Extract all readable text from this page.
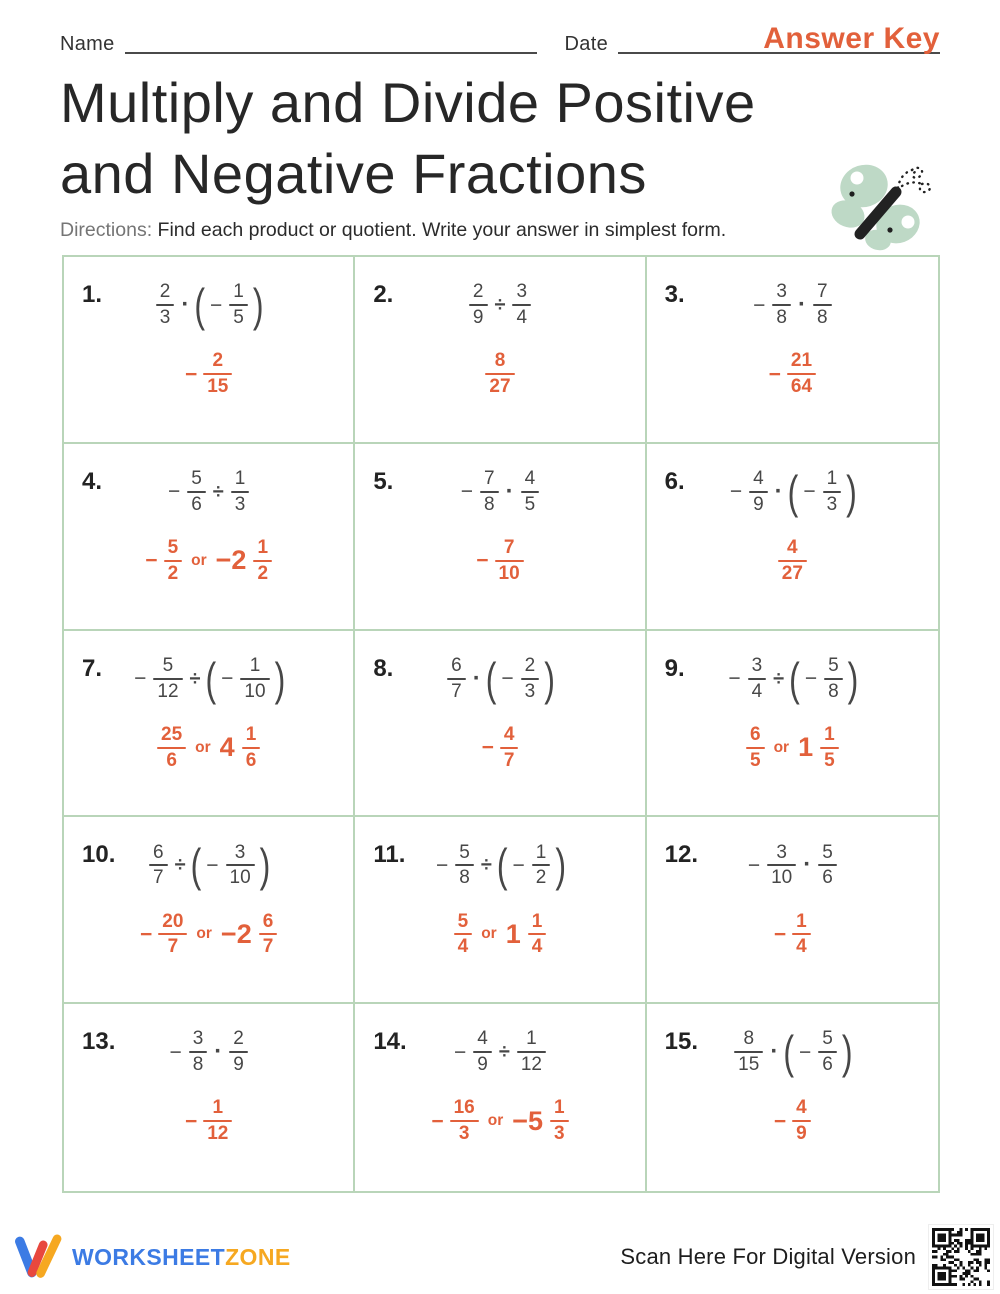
Name	Date	Answer Key
Multiply and Divide Positive
and Negative Fractions

Directions: Find each product or quotient. Write your answer in simplest form.

1.	$\frac{2}{3}$ · ( − $\frac{1}{5}$ )
− $\frac{2}{15}$
2.	$\frac{2}{9} \div \frac{3}{4}$
$\frac{8}{27}$
3.	− $\frac{3}{8} \cdot \frac{7}{8}$
− $\frac{21}{64}$
4.	− $\frac{5}{6} \div \frac{1}{3}$
− $\frac{5}{2}$ or $-2 \frac{1}{2}$
5.	− $\frac{7}{8} \cdot \frac{4}{5}$
− $\frac{7}{10}$
6. − $\frac{4}{9}$ · ( − $\frac{1}{3}$ )
$\frac{4}{27}$
7. − $\frac{5}{12}$ ÷ ( − $\frac{1}{10}$ )
$\frac{25}{6}$ or $4 \frac{1}{6}$
8.	$\frac{6}{7}$ · ( − $\frac{2}{3}$ )
− $\frac{4}{7}$
9. − $\frac{3}{4}$ ÷ ( − $\frac{5}{8}$ )
$\frac{6}{5}$ or $1 \frac{1}{5}$
10. $\frac{6}{7}$ ÷ ( − $\frac{3}{10}$ )
− $\frac{20}{7}$ or $-2 \frac{6}{7}$
11. − $\frac{5}{8}$ ÷ ( − $\frac{1}{2}$ )
$\frac{5}{4}$ or $1 \frac{1}{4}$
12. − $\frac{3}{10} \cdot \frac{5}{6}$
− $\frac{1}{4}$
13.	− $\frac{3}{8} \cdot \frac{2}{9}$
− $\frac{1}{12}$
14. − $\frac{4}{9} \div \frac{1}{12}$
− $\frac{16}{3}$ or $-5 \frac{1}{3}$
15. $\frac{8}{15}$ · ( − $\frac{5}{6}$ )
− $\frac{4}{9}$
WORKSHEETZONE	Scan Here For Digital Version
